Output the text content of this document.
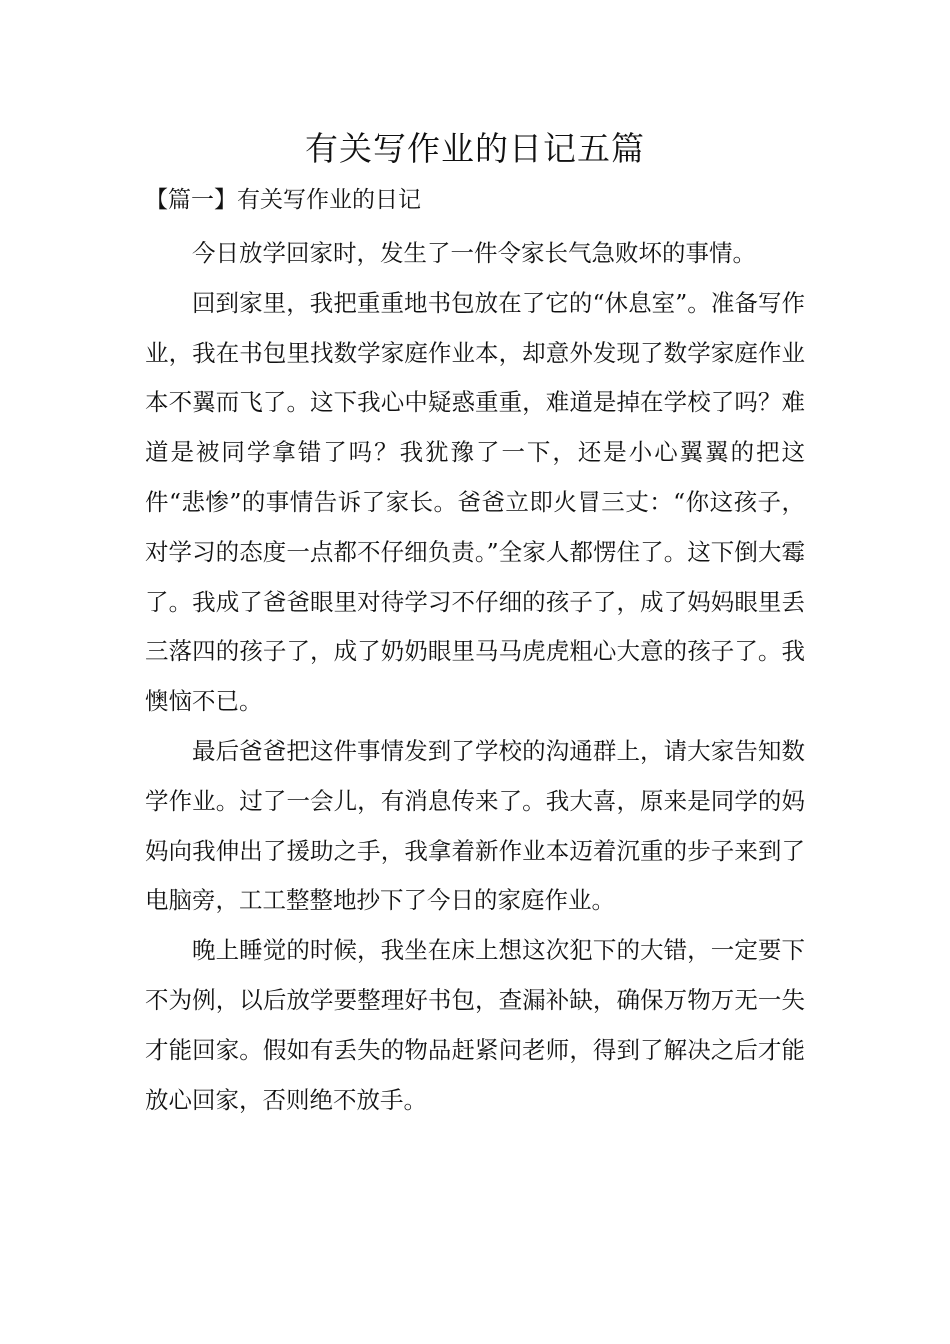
有关写作业的日记五篇
【篇一】有关写作业的日记

今日放学回家时，发生了一件令家长气急败坏的事情。

回到家里，我把重重地书包放在了它的“休息室”。准备写作业，我在书包里找数学家庭作业本，却意外发现了数学家庭作业本不翼而飞了。这下我心中疑惑重重，难道是掉在学校了吗？难道是被同学拿错了吗？我犹豫了一下，还是小心翼翼的把这件“悲惨”的事情告诉了家长。爸爸立即火冒三丈：“你这孩子，对学习的态度一点都不仔细负责。”全家人都愣住了。这下倒大霉了。我成了爸爸眼里对待学习不仔细的孩子了，成了妈妈眼里丢三落四的孩子了，成了奶奶眼里马马虎虎粗心大意的孩子了。我懊恼不已。

最后爸爸把这件事情发到了学校的沟通群上，请大家告知数学作业。过了一会儿，有消息传来了。我大喜，原来是同学的妈妈向我伸出了援助之手，我拿着新作业本迈着沉重的步子来到了电脑旁，工工整整地抄下了今日的家庭作业。

晚上睡觉的时候，我坐在床上想这次犯下的大错，一定要下不为例，以后放学要整理好书包，查漏补缺，确保万物万无一失才能回家。假如有丢失的物品赶紧问老师，得到了解决之后才能放心回家，否则绝不放手。
